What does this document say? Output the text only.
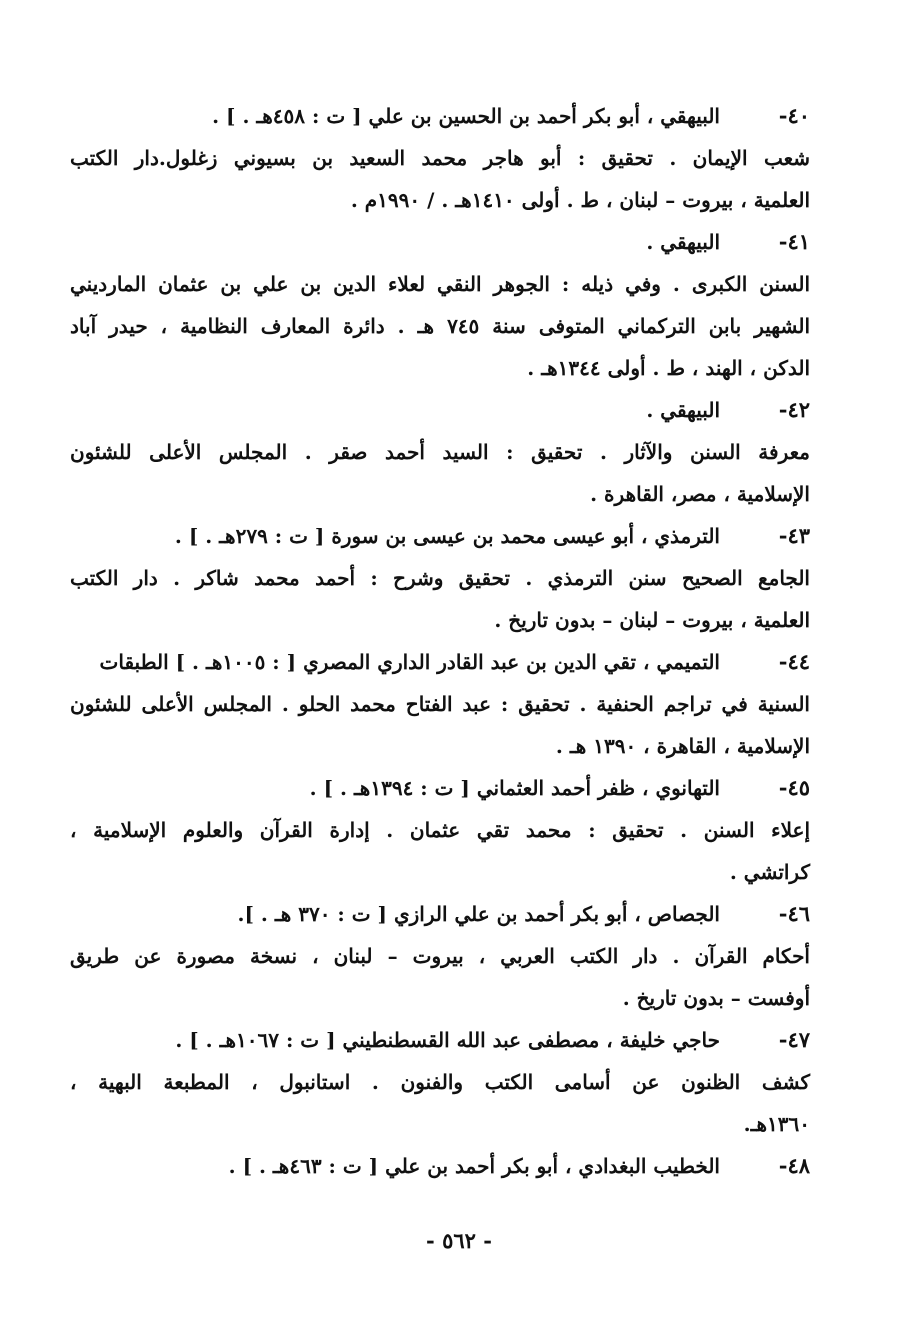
٤٠-
البيهقي ، أبو بكر أحمد بن الحسين بن علي [ ت : ٤٥٨هـ . ] .
شعب الإيمان . تحقيق : أبو هاجر محمد السعيد بن بسيوني زغلول.دار الكتب
العلمية ، بيروت – لبنان ، ط . أولى ١٤١٠هـ . / ١٩٩٠م .
٤١-
البيهقي .
السنن الكبرى . وفي ذيله : الجوهر النقي لعلاء الدين بن علي بن عثمان المارديني
الشهير بابن التركماني المتوفى سنة ٧٤٥ هـ . دائرة المعارف النظامية ، حيدر آباد
الدكن ، الهند ، ط . أولى ١٣٤٤هـ .
٤٢-
البيهقي .
معرفة السنن والآثار . تحقيق : السيد أحمد صقر . المجلس الأعلى للشئون
الإسلامية ، مصر، القاهرة .
٤٣-
الترمذي ، أبو عيسى محمد بن عيسى بن سورة [ ت : ٢٧٩هـ . ] .
الجامع الصحيح سنن الترمذي . تحقيق وشرح : أحمد محمد شاكر . دار الكتب
العلمية ، بيروت – لبنان – بدون تاريخ .
٤٤-
التميمي ، تقي الدين بن عبد القادر الداري المصري [ : ١٠٠٥هـ . ] الطبقات
السنية في تراجم الحنفية . تحقيق : عبد الفتاح محمد الحلو . المجلس الأعلى للشئون
الإسلامية ، القاهرة ، ١٣٩٠ هـ .
٤٥-
التهانوي ، ظفر أحمد العثماني [ ت : ١٣٩٤هـ . ] .
إعلاء السنن . تحقيق : محمد تقي عثمان . إدارة القرآن والعلوم الإسلامية ،
كراتشي .
٤٦-
الجصاص ، أبو بكر أحمد بن علي الرازي [ ت : ٣٧٠ هـ . ].
أحكام القرآن . دار الكتب العربي ، بيروت – لبنان ، نسخة مصورة عن طريق
أوفست – بدون تاريخ .
٤٧-
حاجي خليفة ، مصطفى عبد الله القسطنطيني [ ت : ١٠٦٧هـ . ] .
كشف الظنون عن أسامى الكتب والفنون . استانبول ، المطبعة البهية ،
١٣٦٠هـ.
٤٨-
الخطيب البغدادي ، أبو بكر أحمد بن علي [ ت : ٤٦٣هـ . ] .
- ٥٦٢ -
